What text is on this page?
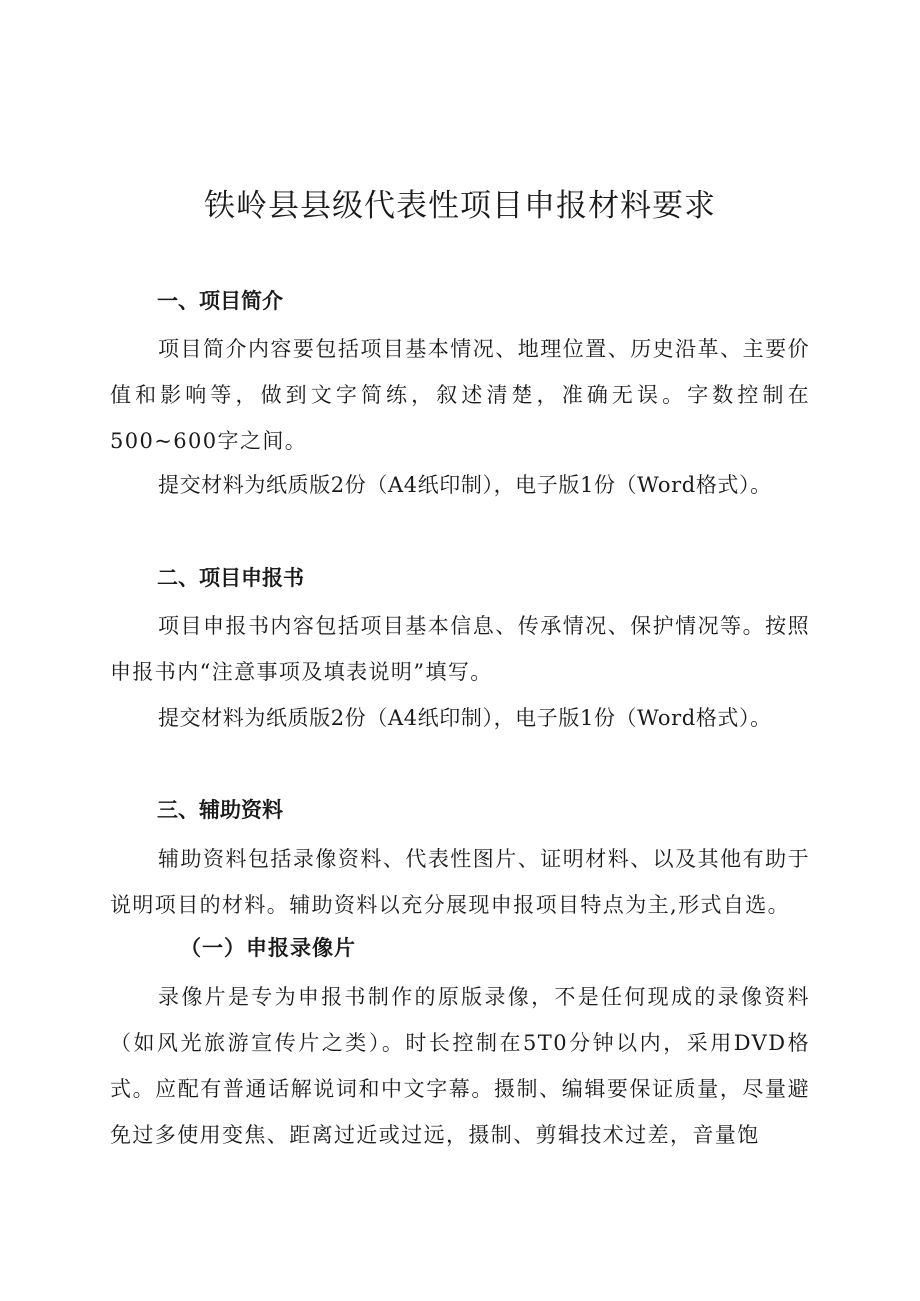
铁岭县县级代表性项目申报材料要求
一、项目简介

项目简介内容要包括项目基本情况、地理位置、历史沿革、主要价值和影响等，做到文字简练，叙述清楚，准确无误。字数控制在500~600字之间。

提交材料为纸质版2份（A4纸印制），电子版1份（Word格式）。

二、项目申报书

项目申报书内容包括项目基本信息、传承情况、保护情况等。按照申报书内“注意事项及填表说明”填写。

提交材料为纸质版2份（A4纸印制），电子版1份（Word格式）。

三、辅助资料

辅助资料包括录像资料、代表性图片、证明材料、以及其他有助于说明项目的材料。辅助资料以充分展现申报项目特点为主,形式自选。

（一）申报录像片

录像片是专为申报书制作的原版录像，不是任何现成的录像资料（如风光旅游宣传片之类）。时长控制在5T0分钟以内，采用DVD格式。应配有普通话解说词和中文字幕。摄制、编辑要保证质量，尽量避免过多使用变焦、距离过近或过远，摄制、剪辑技术过差，音量饱
